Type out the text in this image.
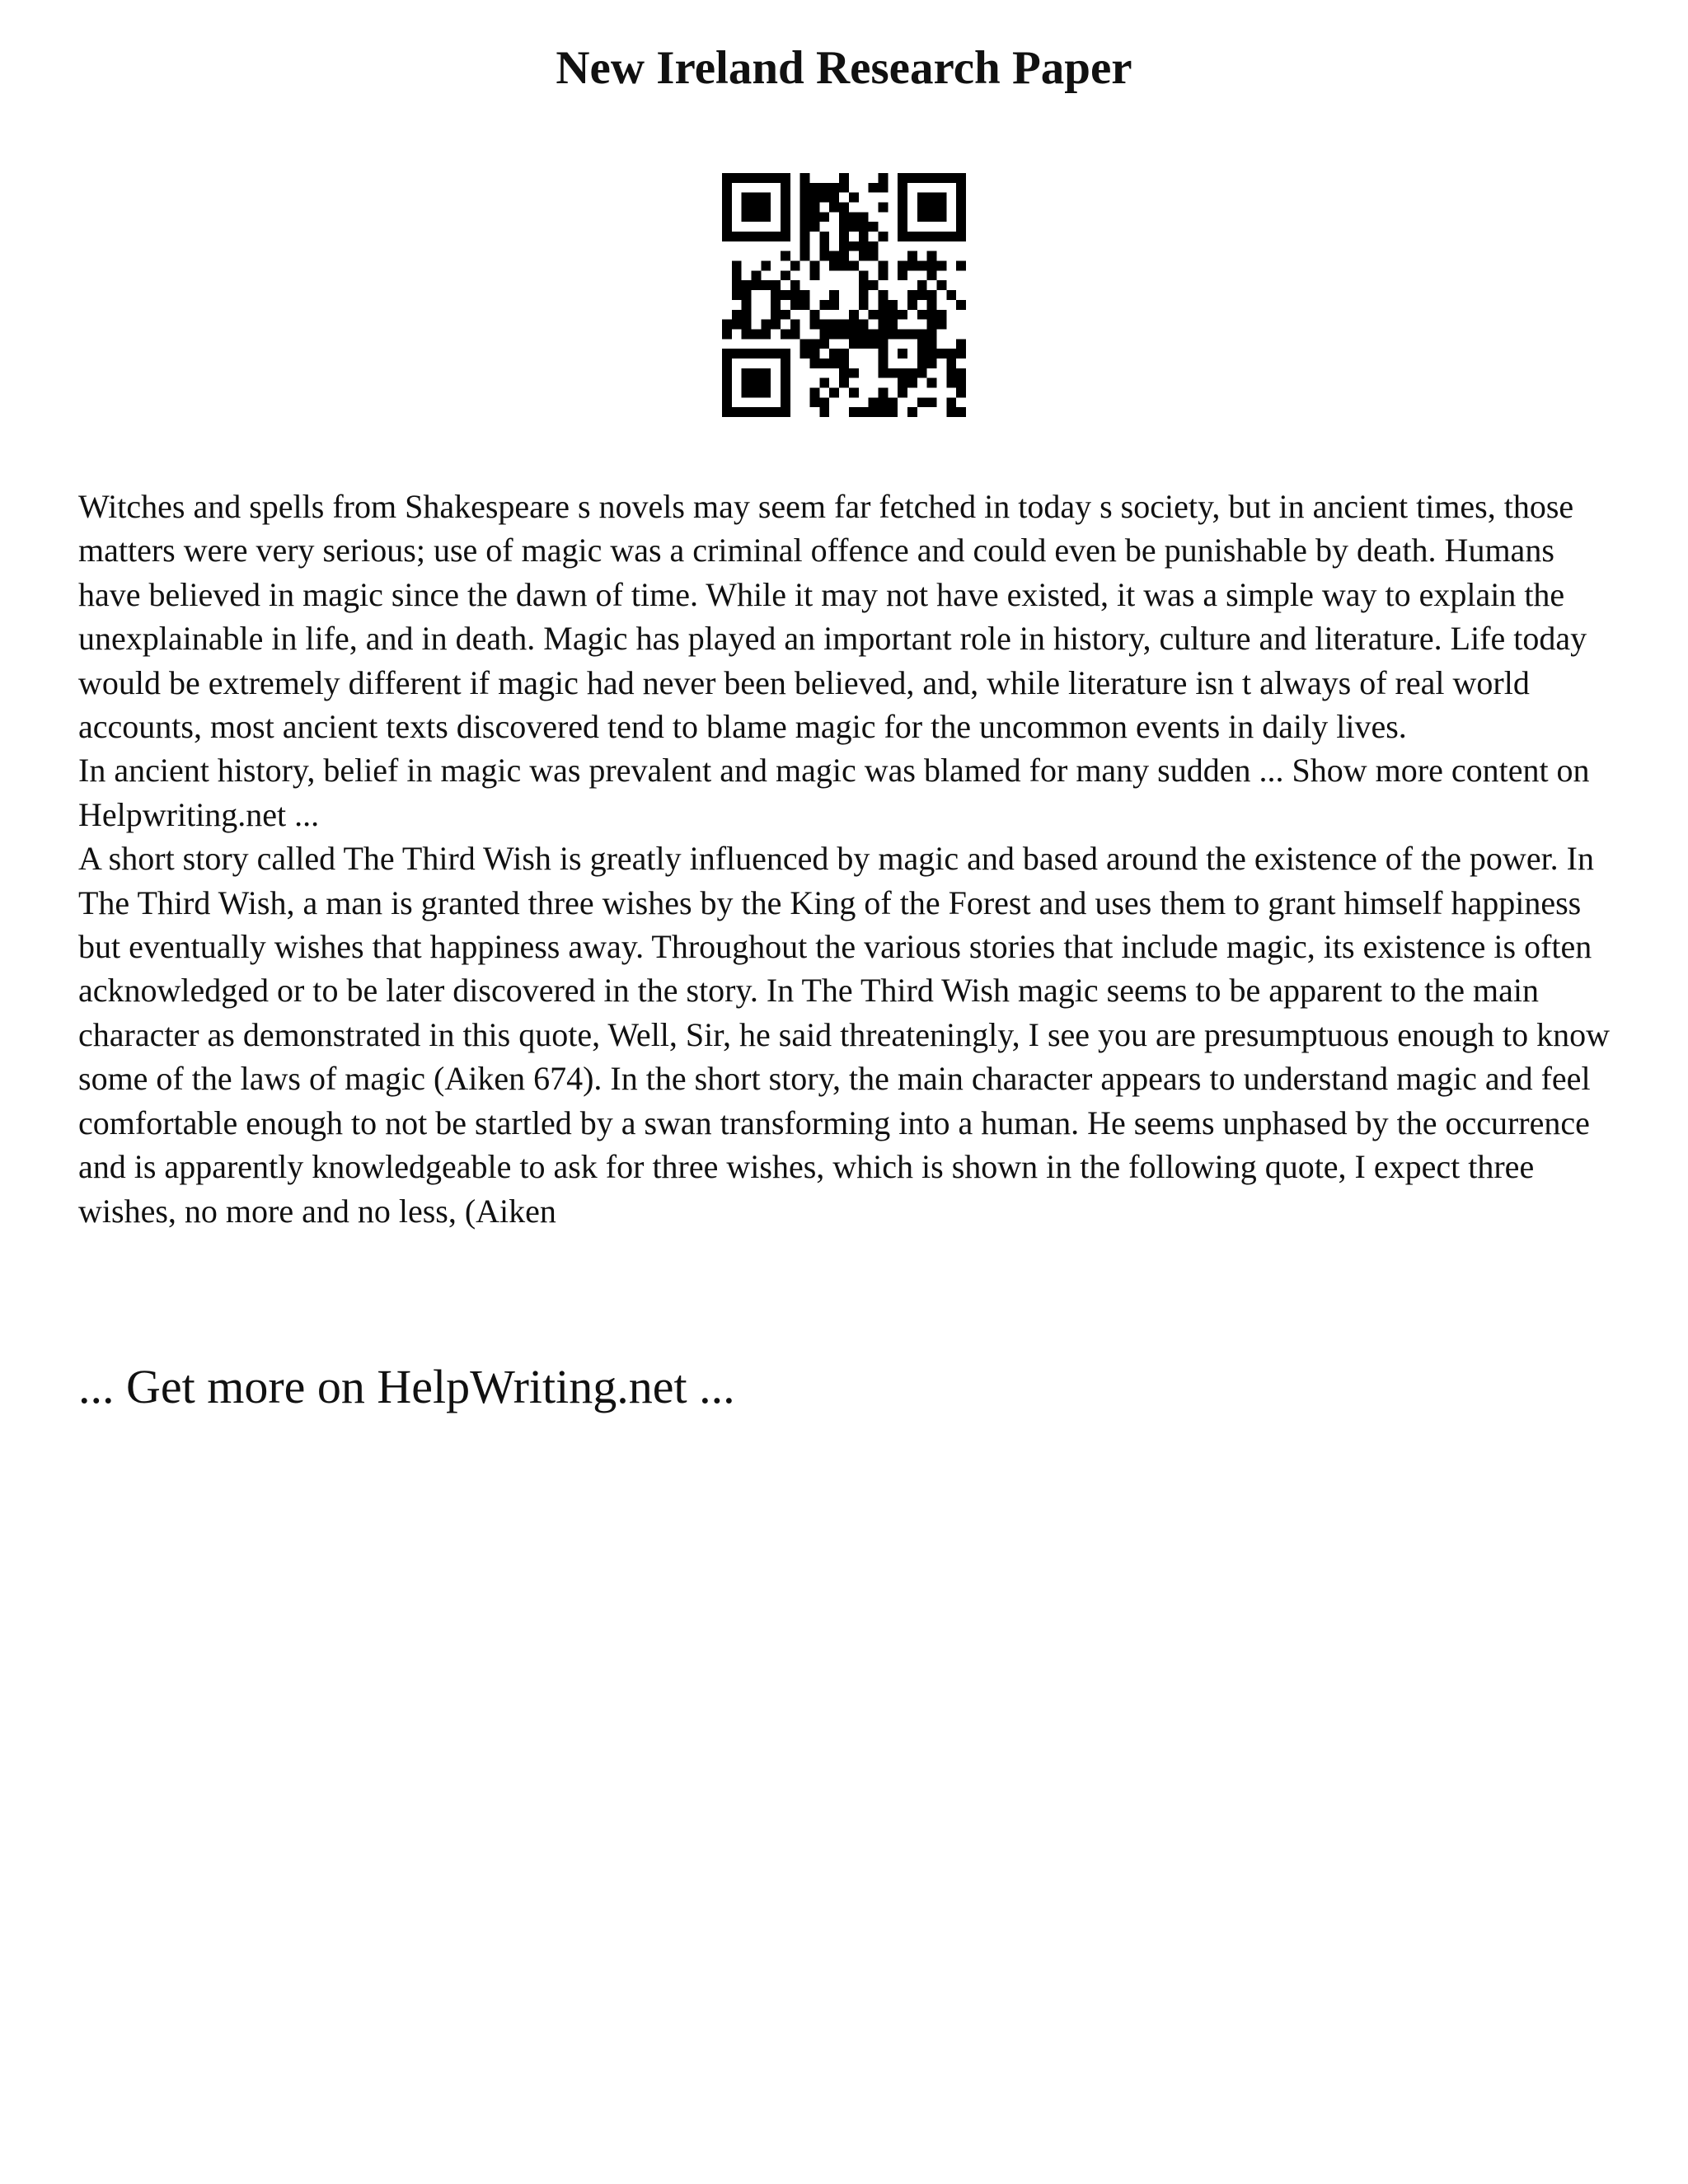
New Ireland Research Paper

Witches and spells from Shakespeare s novels may seem far fetched in today s society, but in ancient times, those matters were very serious; use of magic was a criminal offence and could even be punishable by death. Humans have believed in magic since the dawn of time. While it may not have existed, it was a simple way to explain the unexplainable in life, and in death. Magic has played an important role in history, culture and literature. Life today would be extremely different if magic had never been believed, and, while literature isn t always of real world accounts, most ancient texts discovered tend to blame magic for the uncommon events in daily lives.

In ancient history, belief in magic was prevalent and magic was blamed for many sudden ... Show more content on Helpwriting.net ...

A short story called The Third Wish is greatly influenced by magic and based around the existence of the power. In The Third Wish, a man is granted three wishes by the King of the Forest and uses them to grant himself happiness but eventually wishes that happiness away. Throughout the various stories that include magic, its existence is often acknowledged or to be later discovered in the story. In The Third Wish magic seems to be apparent to the main character as demonstrated in this quote, Well, Sir, he said threateningly, I see you are presumptuous enough to know some of the laws of magic (Aiken 674). In the short story, the main character appears to understand magic and feel comfortable enough to not be startled by a swan transforming into a human. He seems unphased by the occurrence and is apparently knowledgeable to ask for three wishes, which is shown in the following quote, I expect three wishes, no more and no less, (Aiken

... Get more on HelpWriting.net ...
